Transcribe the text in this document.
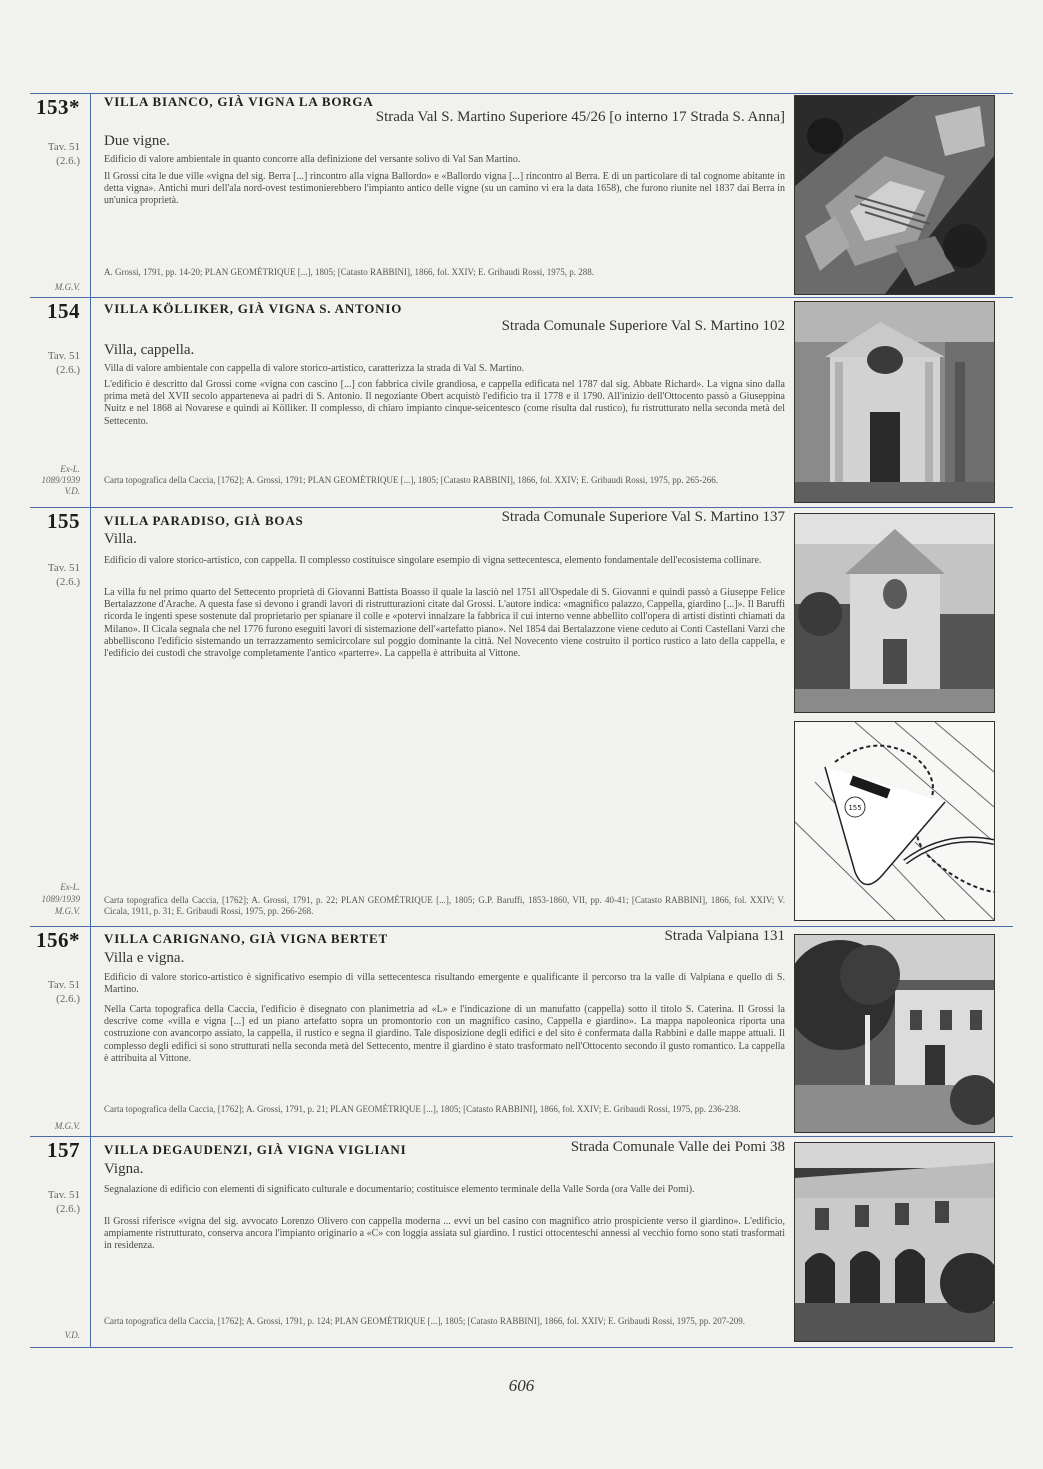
153*
Tav. 51
(2.6.)
M.G.V.
VILLA BIANCO, GIÀ VIGNA LA BORGA
Strada Val S. Martino Superiore 45/26 [o interno 17 Strada S. Anna]
Due vigne.
Edificio di valore ambientale in quanto concorre alla definizione del versante solivo di Val San Martino.
Il Grossi cita le due ville «vigna del sig. Berra [...] rincontro alla vigna Ballordo» e «Ballordo vigna [...] rincontro al Berra. E di un particolare di tal cognome abitante in detta vigna». Antichi muri dell'ala nord-ovest testimonierebbero l'impianto antico delle vigne (su un camino vi era la data 1658), che furono riunite nel 1837 dai Berra in un'unica proprietà.
A. Grossi, 1791, pp. 14-20; PLAN GEOMÉTRIQUE [...], 1805; [Catasto RABBINI], 1866, fol. XXIV; E. Gribaudi Rossi, 1975, p. 288.
154
Tav. 51
(2.6.)
Ex-L.
1089/1939
V.D.
VILLA KÖLLIKER, GIÀ VIGNA S. ANTONIO
Strada Comunale Superiore Val S. Martino 102
Villa, cappella.
Villa di valore ambientale con cappella di valore storico-artistico, caratterizza la strada di Val S. Martino.
L'edificio è descritto dal Grossi come «vigna con cascino [...] con fabbrica civile grandiosa, e cappella edificata nel 1787 dal sig. Abbate Richard». La vigna sino dalla prima metà del XVII secolo apparteneva ai padri di S. Antonio. Il negoziante Obert acquistò l'edificio tra il 1778 e il 1790. All'inizio dell'Ottocento passò a Giuseppina Nuitz e nel 1868 ai Novarese e quindi ai Kölliker. Il complesso, di chiaro impianto cinque-seicentesco (come risulta dal rustico), fu ristrutturato nella seconda metà del Settecento.
Carta topografica della Caccia, [1762]; A. Grossi, 1791; PLAN GEOMÉTRIQUE [...], 1805; [Catasto RABBINI], 1866, fol. XXIV; E. Gribaudi Rossi, 1975, pp. 265-266.
155
Tav. 51
(2.6.)
Ex-L.
1089/1939
M.G.V.
VILLA PARADISO, GIÀ BOAS	Strada Comunale Superiore Val S. Martino 137
Villa.
Edificio di valore storico-artistico, con cappella. Il complesso costituisce singolare esempio di vigna settecentesca, elemento fondamentale dell'ecosistema collinare.
La villa fu nel primo quarto del Settecento proprietà di Giovanni Battista Boasso il quale la lasciò nel 1751 all'Ospedale di S. Giovanni e quindi passò a Giuseppe Felice Bertalazzone d'Arache. A questa fase si devono i grandi lavori di ristrutturazioni citate dal Grossi. L'autore indica: «magnifico palazzo, Cappella, giardino [...]». Il Baruffi ricorda le ingenti spese sostenute dal proprietario per spianare il colle e «potervi innalzare la fabbrica il cui interno venne abbellito coll'opera di artisti distinti chiamati da Milano». Il Cicala segnala che nel 1776 furono eseguiti lavori di sistemazione dell'«artefatto piano». Nel 1854 dai Bertalazzone viene ceduto ai Conti Castellani Varzi che abbelliscono l'edificio sistemando un terrazzamento semicircolare sul poggio dominante la città. Nel Novecento viene costruito il portico rustico a lato della cappella, e l'edificio dei custodi che stravolge completamente l'antico «parterre». La cappella è attribuita al Vittone.
Carta topografica della Caccia, [1762]; A. Grossi, 1791, p. 22; PLAN GEOMÉTRIQUE [...], 1805; G.P. Baruffi, 1853-1860, VII, pp. 40-41; [Catasto RABBINI], 1866, fol. XXIV; V. Cicala, 1911, p. 31; E. Gribaudi Rossi, 1975, pp. 266-268.
155
156*
Tav. 51
(2.6.)
M.G.V.
VILLA CARIGNANO, GIÀ VIGNA BERTET	Strada Valpiana 131
Villa e vigna.
Edificio di valore storico-artistico è significativo esempio di villa settecentesca risultando emergente e qualificante il percorso tra la valle di Valpiana e quello di S. Martino.
Nella Carta topografica della Caccia, l'edificio è disegnato con planimetria ad «L» e l'indicazione di un manufatto (cappella) sotto il titolo S. Caterina. Il Grossi la descrive come «villa e vigna [...] ed un piano artefatto sopra un promontorio con un magnifico casino, Cappella e giardino». La mappa napoleonica riporta una costruzione con avancorpo assiato, la cappella, il rustico e segna il giardino. Tale disposizione degli edifici e del sito è confermata dalla Rabbini e dalle mappe attuali. Il complesso degli edifici si sono strutturati nella seconda metà del Settecento, mentre il giardino è stato trasformato nell'Ottocento secondo il gusto romantico. La cappella è attribuita al Vittone.
Carta topografica della Caccia, [1762]; A. Grossi, 1791, p. 21; PLAN GEOMÉTRIQUE [...], 1805; [Catasto RABBINI], 1866, fol. XXIV; E. Gribaudi Rossi, 1975, pp. 236-238.
157
Tav. 51
(2.6.)
V.D.
VILLA DEGAUDENZI, GIÀ VIGNA VIGLIANI	Strada Comunale Valle dei Pomi 38
Vigna.
Segnalazione di edificio con elementi di significato culturale e documentario; costituisce elemento terminale della Valle Sorda (ora Valle dei Pomi).
Il Grossi riferisce «vigna del sig. avvocato Lorenzo Olivero con cappella moderna ... evvi un bel casino con magnifico atrio prospiciente verso il giardino». L'edificio, ampiamente ristrutturato, conserva ancora l'impianto originario a «C» con loggia assiata sul giardino. I rustici ottocenteschi annessi al vecchio forno sono stati trasformati in residenza.
Carta topografica della Caccia, [1762]; A. Grossi, 1791, p. 124; PLAN GEOMÉTRIQUE [...], 1805; [Catasto RABBINI], 1866, fol. XXIV; E. Gribaudi Rossi, 1975, pp. 207-209.
606
